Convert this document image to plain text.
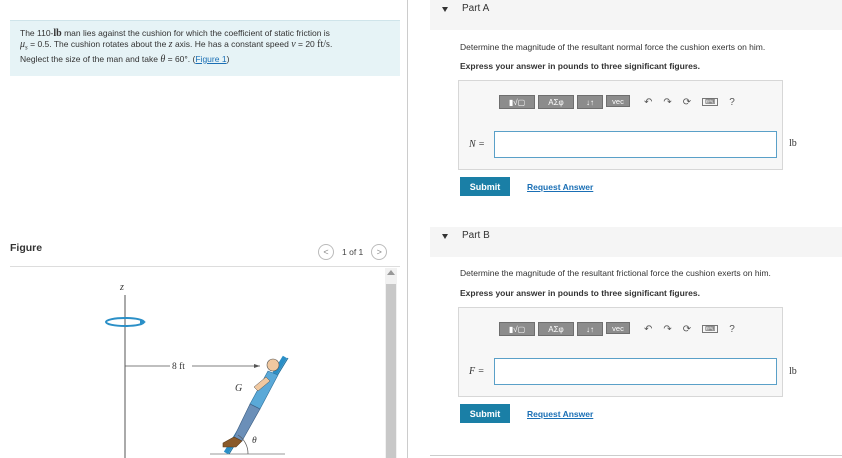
The 110-lb man lies against the cushion for which the coefficient of static friction is
$\mu_s = 0.5$. The cushion rotates about the z axis. He has a constant speed v = 20 ft/s.
Neglect the size of the man and take θ = 60°. (Figure 1)
Figure	<	1 of 1	>
z
8 ft
G
θ
Part A
Determine the magnitude of the resultant normal force the cushion exerts on him.
Express your answer in pounds to three significant figures.
▮√▢	ΑΣφ	↓↑	vec	↶ ↷ ⟳	⌨	?
N =	lb
Submit	Request Answer
Part B
Determine the magnitude of the resultant frictional force the cushion exerts on him.
Express your answer in pounds to three significant figures.
▮√▢	ΑΣφ	↓↑	vec	↶ ↷ ⟳	⌨	?
F =	lb
Submit	Request Answer
